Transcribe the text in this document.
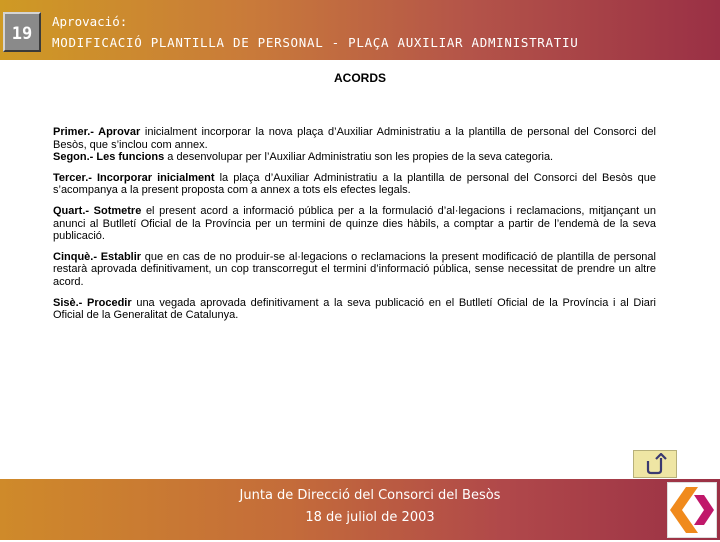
19
Aprovació:
MODIFICACIÓ PLANTILLA DE PERSONAL - PLAÇA AUXILIAR ADMINISTRATIU
ACORDS

Primer.- Aprovar inicialment incorporar la nova plaça d’Auxiliar Administratiu a la plantilla de personal del Consorci del Besòs, que s’inclou com annex.

Segon.- Les funcions a desenvolupar per l’Auxiliar Administratiu son les propies de la seva categoria.

Tercer.- Incorporar inicialment la plaça d’Auxiliar Administratiu a la plantilla de personal del Consorci del Besòs que s’acompanya a la present proposta com a annex a tots els efectes legals.

Quart.- Sotmetre el present acord a informació pública per a la formulació d’al·legacions i reclamacions, mitjançant un anunci al Butlletí Oficial de la Província per un termini de quinze dies hàbils, a comptar a partir de l’endemà de la seva publicació.

Cinquè.- Establir que en cas de no produir-se al·legacions o reclamacions la present modificació de plantilla de personal restarà aprovada definitivament, un cop transcorregut el termini d’informació pública, sense necessitat de prendre un altre acord.

Sisè.- Procedir una vegada aprovada definitivament a la seva publicació en el Butlletí Oficial de la Província i al Diari Oficial de la Generalitat de Catalunya.

Junta de Direcció del Consorci del Besòs
18 de juliol de 2003
